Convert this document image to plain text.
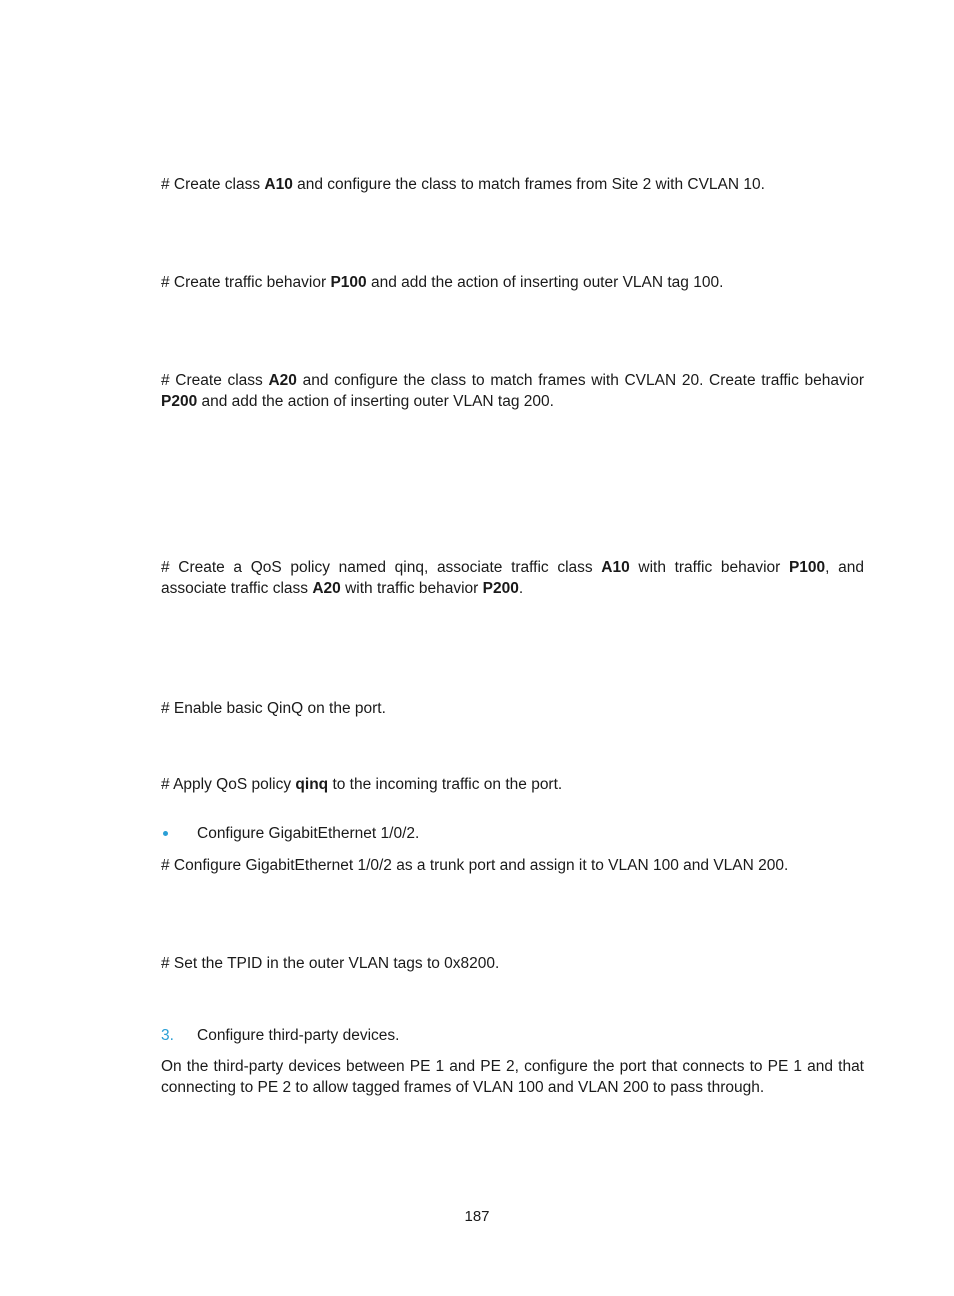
# Create class A10 and configure the class to match frames from Site 2 with CVLAN 10.

# Create traffic behavior P100 and add the action of inserting outer VLAN tag 100.

# Create class A20 and configure the class to match frames with CVLAN 20. Create traffic behavior P200 and add the action of inserting outer VLAN tag 200.

# Create a QoS policy named qinq, associate traffic class A10 with traffic behavior P100, and associate traffic class A20 with traffic behavior P200.

# Enable basic QinQ on the port.

# Apply QoS policy qinq to the incoming traffic on the port.

Configure GigabitEthernet 1/0/2.

# Configure GigabitEthernet 1/0/2 as a trunk port and assign it to VLAN 100 and VLAN 200.

# Set the TPID in the outer VLAN tags to 0x8200.

3. Configure third-party devices.

On the third-party devices between PE 1 and PE 2, configure the port that connects to PE 1 and that connecting to PE 2 to allow tagged frames of VLAN 100 and VLAN 200 to pass through.

187
